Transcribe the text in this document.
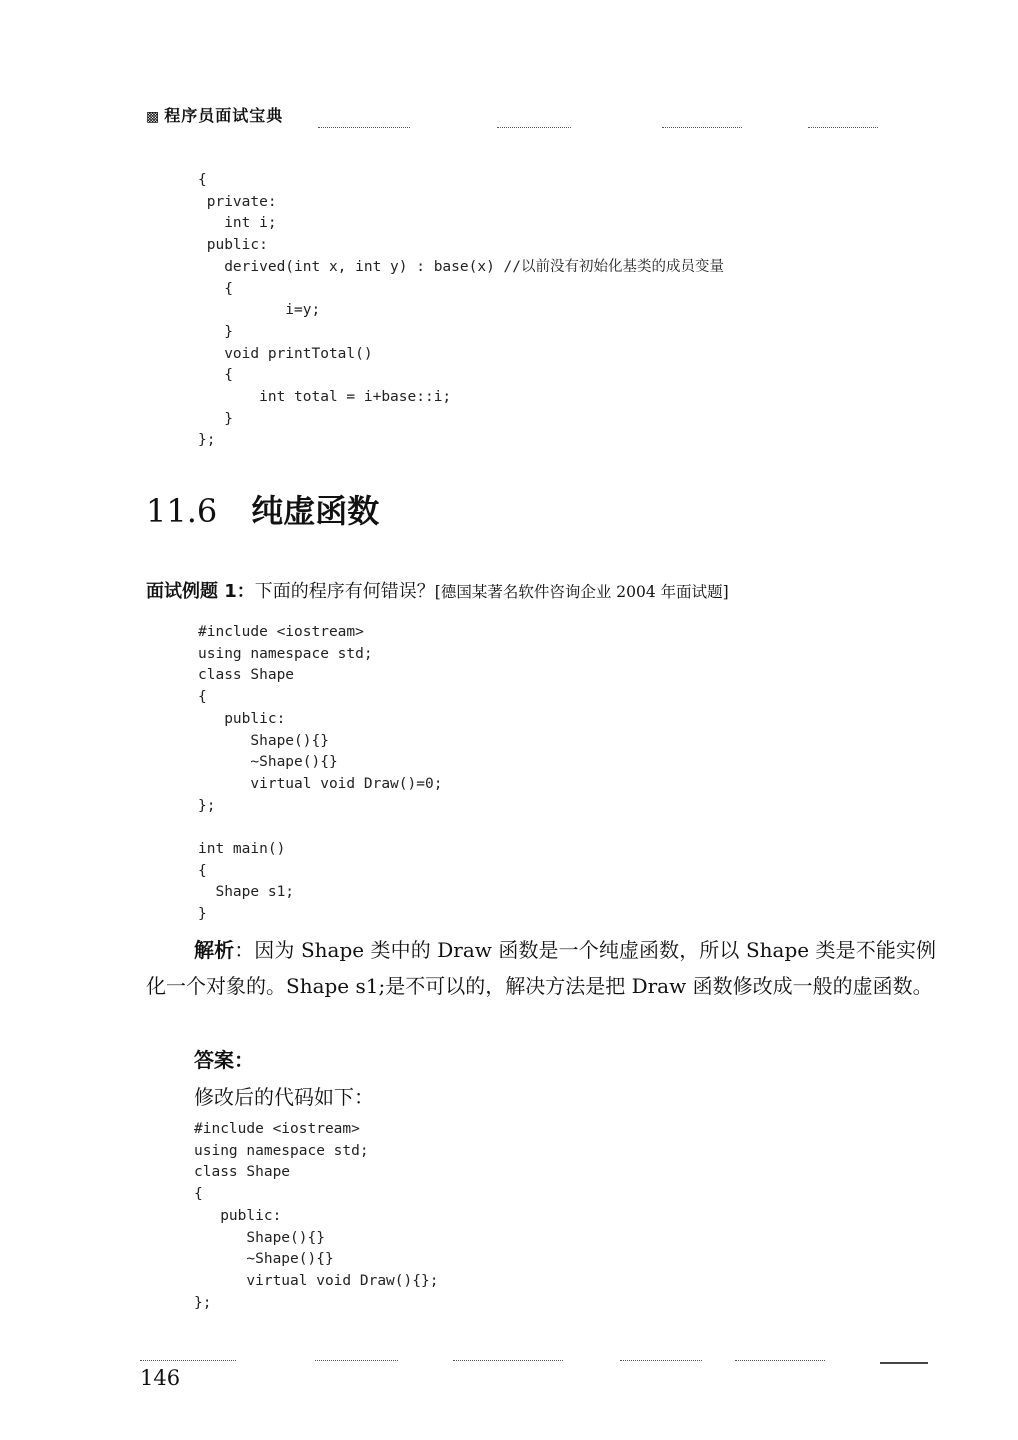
▩ 程序员面试宝典
{
private:
int i;
public:
derived(int x, int y) : base(x) //以前没有初始化基类的成员变量
{
i=y;
}
void printTotal()
{
int total = i+base::i;
}
};
11.6 纯虚函数
面试例题 1：下面的程序有何错误？[德国某著名软件咨询企业 2004 年面试题]
#include <iostream>
using namespace std;
class Shape
{
public:
Shape(){}
~Shape(){}
virtual void Draw()=0;
};

int main()
{
Shape s1;
}
解析：因为 Shape 类中的 Draw 函数是一个纯虚函数，所以 Shape 类是不能实例化一个对象的。Shape s1;是不可以的，解决方法是把 Draw 函数修改成一般的虚函数。
答案：
修改后的代码如下：
#include <iostream>
using namespace std;
class Shape
{
public:
Shape(){}
~Shape(){}
virtual void Draw(){};
};
146
